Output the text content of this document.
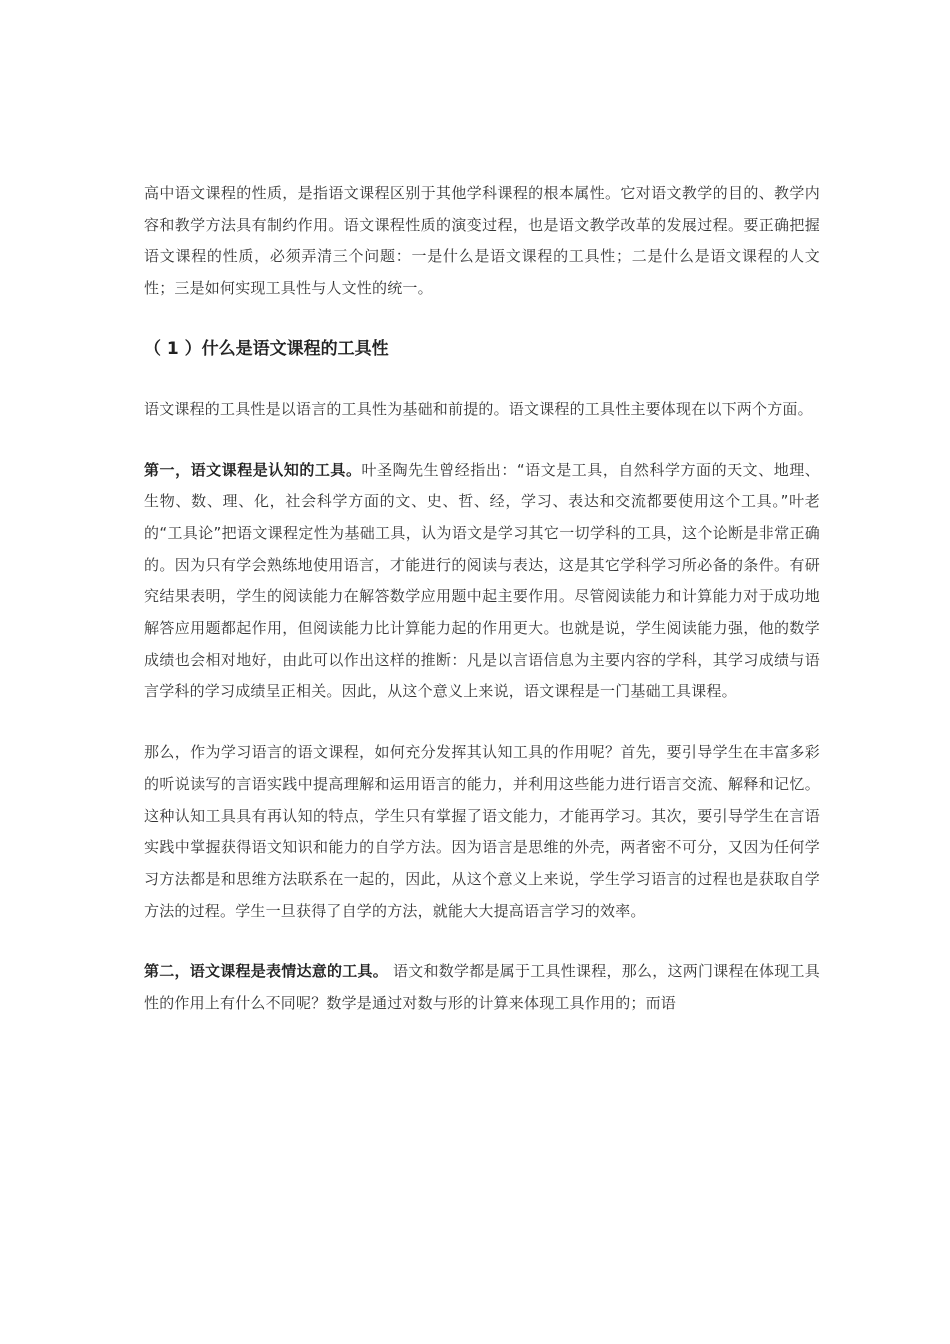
高中语文课程的性质，是指语文课程区别于其他学科课程的根本属性。它对语文教学的目的、教学内容和教学方法具有制约作用。语文课程性质的演变过程，也是语文教学改革的发展过程。要正确把握语文课程的性质，必须弄清三个问题：一是什么是语文课程的工具性；二是什么是语文课程的人文性；三是如何实现工具性与人文性的统一。

（ 1 ）什么是语文课程的工具性

语文课程的工具性是以语言的工具性为基础和前提的。语文课程的工具性主要体现在以下两个方面。

第一，语文课程是认知的工具。叶圣陶先生曾经指出：“语文是工具，自然科学方面的天文、地理、生物、数、理、化，社会科学方面的文、史、哲、经，学习、表达和交流都要使用这个工具。”叶老的“工具论”把语文课程定性为基础工具，认为语文是学习其它一切学科的工具，这个论断是非常正确的。因为只有学会熟练地使用语言，才能进行的阅读与表达，这是其它学科学习所必备的条件。有研究结果表明，学生的阅读能力在解答数学应用题中起主要作用。尽管阅读能力和计算能力对于成功地解答应用题都起作用，但阅读能力比计算能力起的作用更大。也就是说，学生阅读能力强，他的数学成绩也会相对地好，由此可以作出这样的推断：凡是以言语信息为主要内容的学科，其学习成绩与语言学科的学习成绩呈正相关。因此，从这个意义上来说，语文课程是一门基础工具课程。

那么，作为学习语言的语文课程，如何充分发挥其认知工具的作用呢？首先，要引导学生在丰富多彩的听说读写的言语实践中提高理解和运用语言的能力，并利用这些能力进行语言交流、解释和记忆。这种认知工具具有再认知的特点，学生只有掌握了语文能力，才能再学习。其次，要引导学生在言语实践中掌握获得语文知识和能力的自学方法。因为语言是思维的外壳，两者密不可分，又因为任何学习方法都是和思维方法联系在一起的，因此，从这个意义上来说，学生学习语言的过程也是获取自学方法的过程。学生一旦获得了自学的方法，就能大大提高语言学习的效率。

第二，语文课程是表情达意的工具。 语文和数学都是属于工具性课程，那么，这两门课程在体现工具性的作用上有什么不同呢？数学是通过对数与形的计算来体现工具作用的；而语
